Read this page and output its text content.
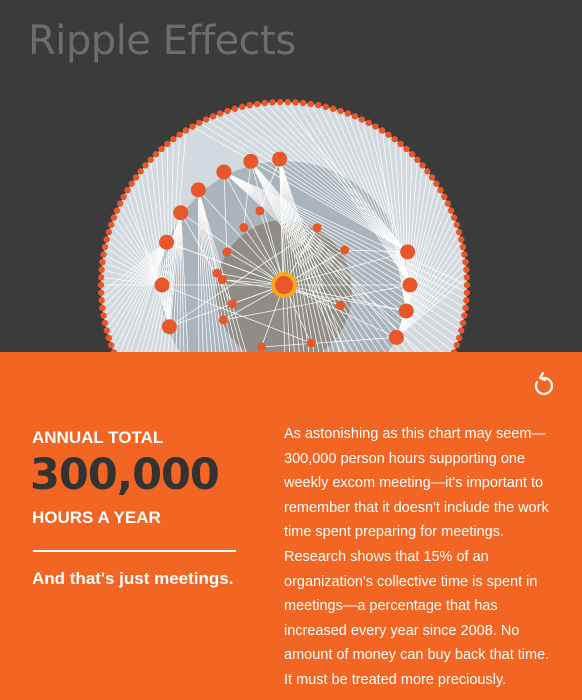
Ripple Effects

ANNUAL TOTAL

300,000

HOURS A YEAR

And that's just meetings.

As astonishing as this chart may seem—300,000 person hours supporting one weekly excom meeting—it's important to remember that it doesn't include the work time spent preparing for meetings. Research shows that 15% of an organization's collective time is spent in meetings—a percentage that has increased every year since 2008. No amount of money can buy back that time. It must be treated more preciously.
